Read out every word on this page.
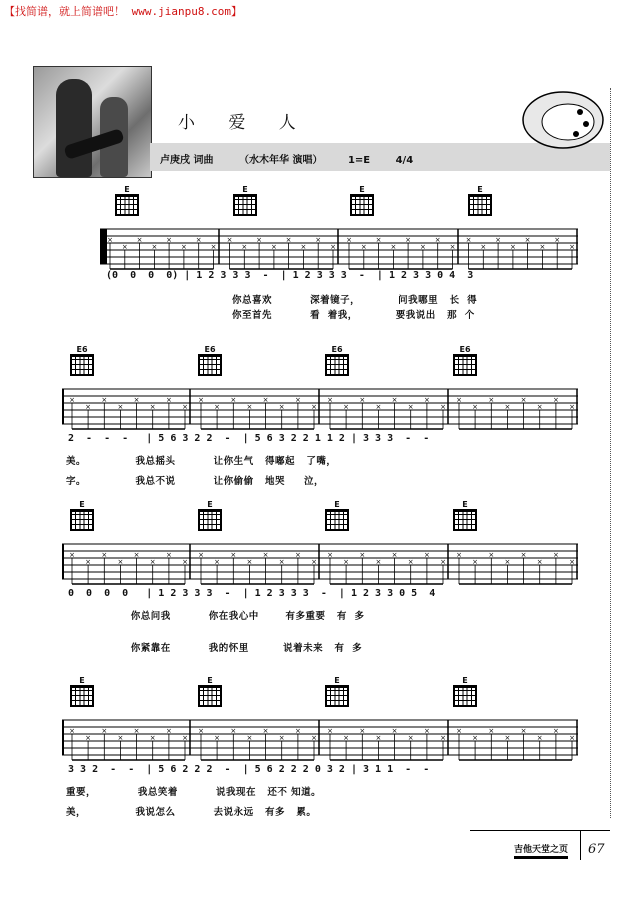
【找简谱，就上简谱吧！ www.jianpu8.com】
小 爱 人
卢庚戌 词曲	（水木年华 演唱）	1=E	4/4
E	E	E	E
×
×
×
×
×
×
×
×
×
×
×
×
×
×
×
×
×
×
×
×
×
×
×
×
×
×
×
×
×
×
×
×
(0  0  0  0) | 1 2 3 3 3  -  | 1 2 3 3 3  -  | 1 2 3 3 0 4  3
你总喜欢          深着镜子，          问我哪里   长  得
你至首先          看  着我，          要我说出   那  个
E6	E6	E6	E6
×
×
×
×
×
×
×
×
×
×
×
×
×
×
×
×
×
×
×
×
×
×
×
×
×
×
×
×
×
×
×
×
2  -  -  -   | 5 6 3 2 2  -  | 5 6 3 2 2 1 1 2 | 3 3 3  -  -
美。             我总摇头          让你生气   得嘟起   了嘴，
字。             我总不说          让你偷偷   地哭     泣，
E	E	E	E
×
×
×
×
×
×
×
×
×
×
×
×
×
×
×
×
×
×
×
×
×
×
×
×
×
×
×
×
×
×
×
×
0  0  0  0   | 1 2 3 3 3  -  | 1 2 3 3 3  -  | 1 2 3 3 0 5  4
你总问我          你在我心中       有多重要   有  多
你紧靠在          我的怀里         说着未来   有  多
E	E	E	E
×
×
×
×
×
×
×
×
×
×
×
×
×
×
×
×
×
×
×
×
×
×
×
×
×
×
×
×
×
×
×
×
3 3 2  -  -  | 5 6 2 2 2  -  | 5 6 2 2 2 0 3 2 | 3 1 1  -  -
重要，           我总笑着          说我现在   还不 知道。
美，             我说怎么          去说永远   有多   累。
吉他天堂之页 67
